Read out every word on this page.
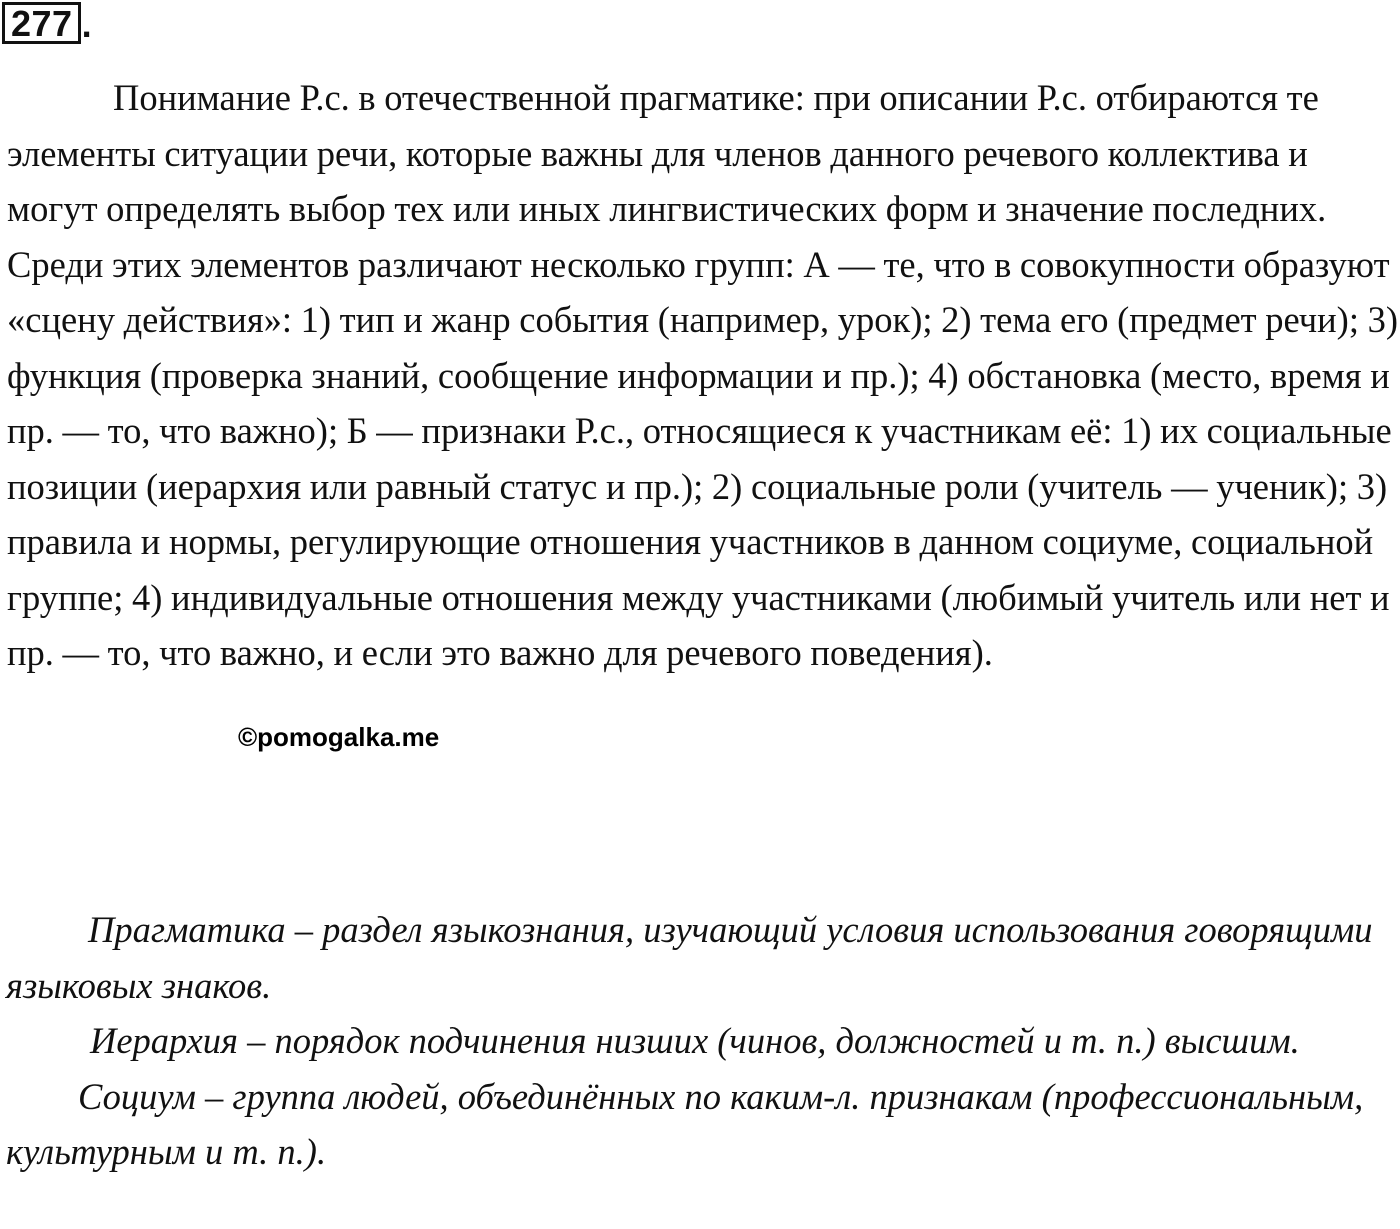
277 .

Понимание Р.с. в отечественной прагматике: при описании Р.с. отбираются те элементы ситуации речи, которые важны для членов данного речевого коллектива и могут определять выбор тех или иных лингвистических форм и значение последних. Среди этих элементов различают несколько групп: А — те, что в совокупности образуют «сцену действия»: 1) тип и жанр события (например, урок); 2) тема его (предмет речи); 3) функция (проверка знаний, сообщение информации и пр.); 4) обстановка (место, время и пр. — то, что важно); Б — признаки Р.с., относящиеся к участникам её: 1) их социальные позиции (иерархия или равный статус и пр.); 2) социальные роли (учитель — ученик); 3) правила и нормы, регулирующие отношения участников в данном социуме, социальной группе; 4) индивидуальные отношения между участниками (любимый учитель или нет и пр. — то, что важно, и если это важно для речевого поведения).

©pomogalka.me

Прагматика – раздел языкознания, изучающий условия использования говорящими языковых знаков.

Иерархия – порядок подчинения низших (чинов, должностей и т. п.) высшим.

Социум – группа людей, объединённых по каким-л. признакам (профессиональным, культурным и т. п.).
